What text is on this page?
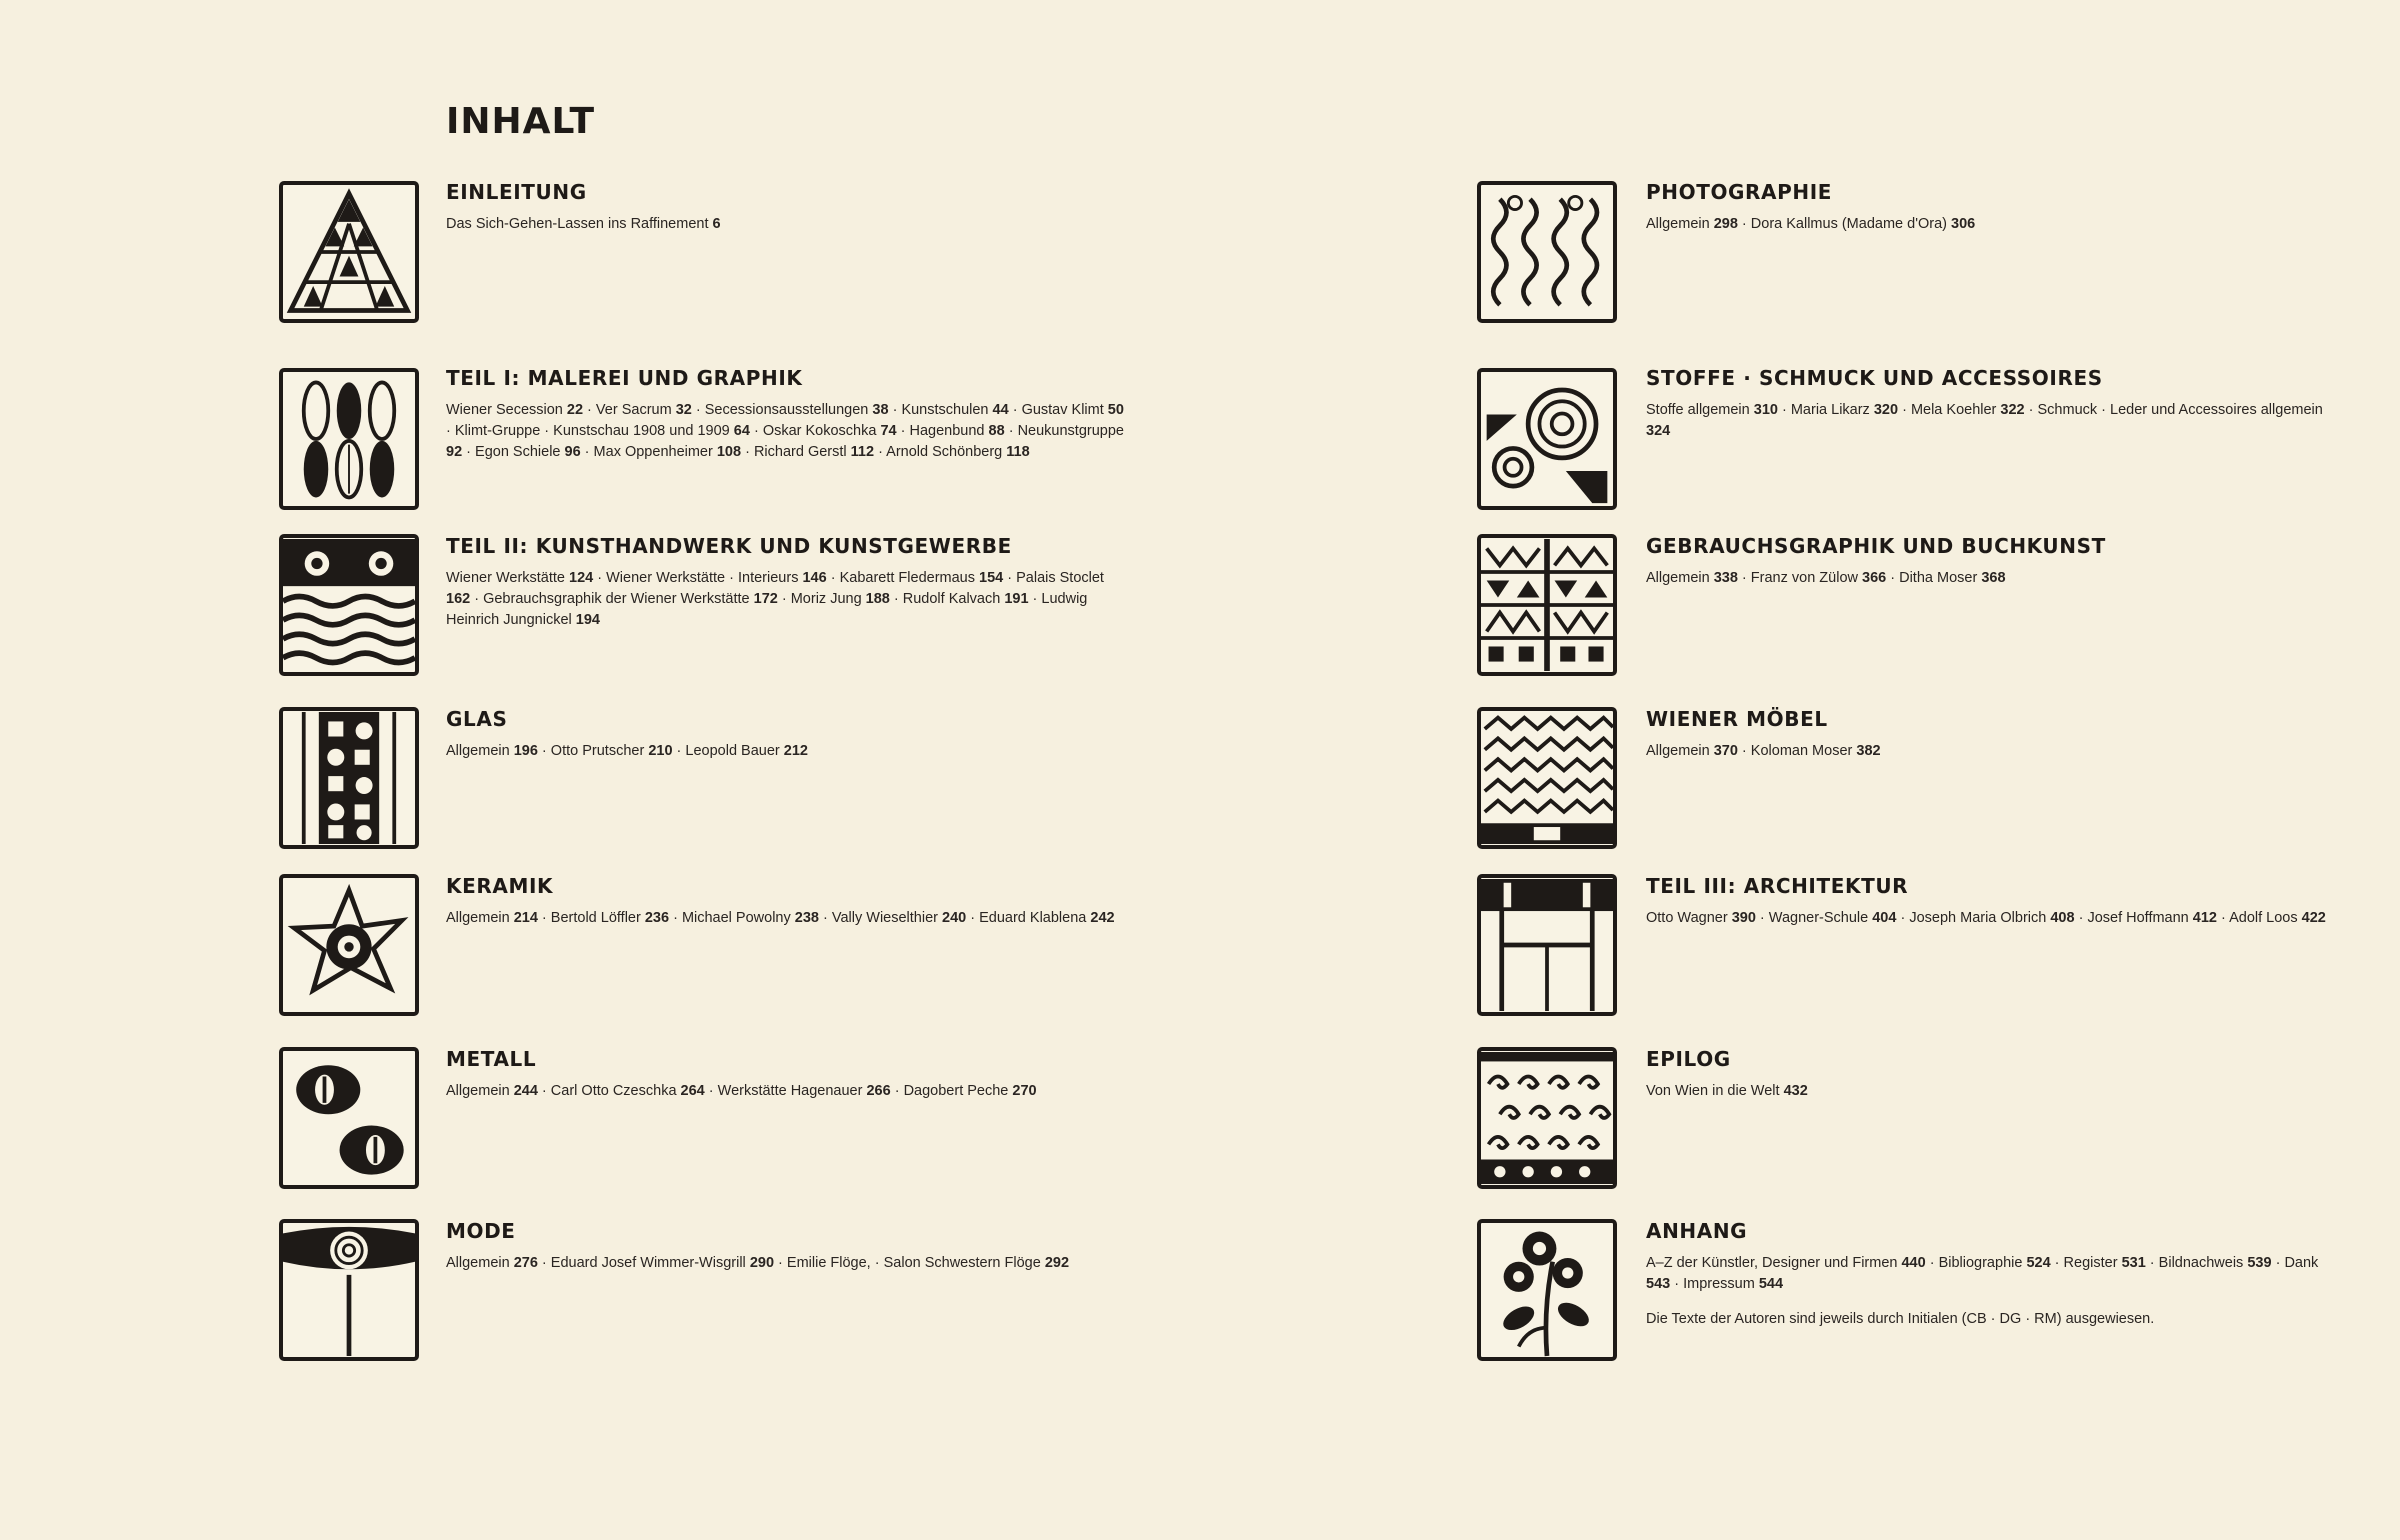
INHALT
EINLEITUNG

Das Sich-Gehen-Lassen ins Raffinement 6

TEIL I: MALEREI UND GRAPHIK

Wiener Secession 22 · Ver Sacrum 32 · Secessionsausstellungen 38 · Kunstschulen 44 · Gustav Klimt 50 · Klimt-Gruppe · Kunstschau 1908 und 1909 64 · Oskar Kokoschka 74 · Hagenbund 88 · Neukunstgruppe 92 · Egon Schiele 96 · Max Oppenheimer 108 · Richard Gerstl 112 · Arnold Schönberg 118

TEIL II: KUNSTHANDWERK UND KUNSTGEWERBE

Wiener Werkstätte 124 · Wiener Werkstätte · Interieurs 146 · Kabarett Fledermaus 154 · Palais Stoclet 162 · Gebrauchsgraphik der Wiener Werkstätte 172 · Moriz Jung 188 · Rudolf Kalvach 191 · Ludwig Heinrich Jungnickel 194

GLAS

Allgemein 196 · Otto Prutscher 210 · Leopold Bauer 212

KERAMIK

Allgemein 214 · Bertold Löffler 236 · Michael Powolny 238 · Vally Wieselthier 240 · Eduard Klablena 242

METALL

Allgemein 244 · Carl Otto Czeschka 264 · Werkstätte Hagenauer 266 · Dagobert Peche 270

MODE

Allgemein 276 · Eduard Josef Wimmer-Wisgrill 290 · Emilie Flöge, · Salon Schwestern Flöge 292

PHOTOGRAPHIE

Allgemein 298 · Dora Kallmus (Madame d'Ora) 306

STOFFE · SCHMUCK UND ACCESSOIRES

Stoffe allgemein 310 · Maria Likarz 320 · Mela Koehler 322 · Schmuck · Leder und Accessoires allgemein 324

GEBRAUCHSGRAPHIK UND BUCHKUNST

Allgemein 338 · Franz von Zülow 366 · Ditha Moser 368

WIENER MÖBEL

Allgemein 370 · Koloman Moser 382

TEIL III: ARCHITEKTUR

Otto Wagner 390 · Wagner-Schule 404 · Joseph Maria Olbrich 408 · Josef Hoffmann 412 · Adolf Loos 422

EPILOG

Von Wien in die Welt 432

ANHANG

A–Z der Künstler, Designer und Firmen 440 · Bibliographie 524 · Register 531 · Bildnachweis 539 · Dank 543 · Impressum 544

Die Texte der Autoren sind jeweils durch Initialen (CB · DG · RM) ausgewiesen.
